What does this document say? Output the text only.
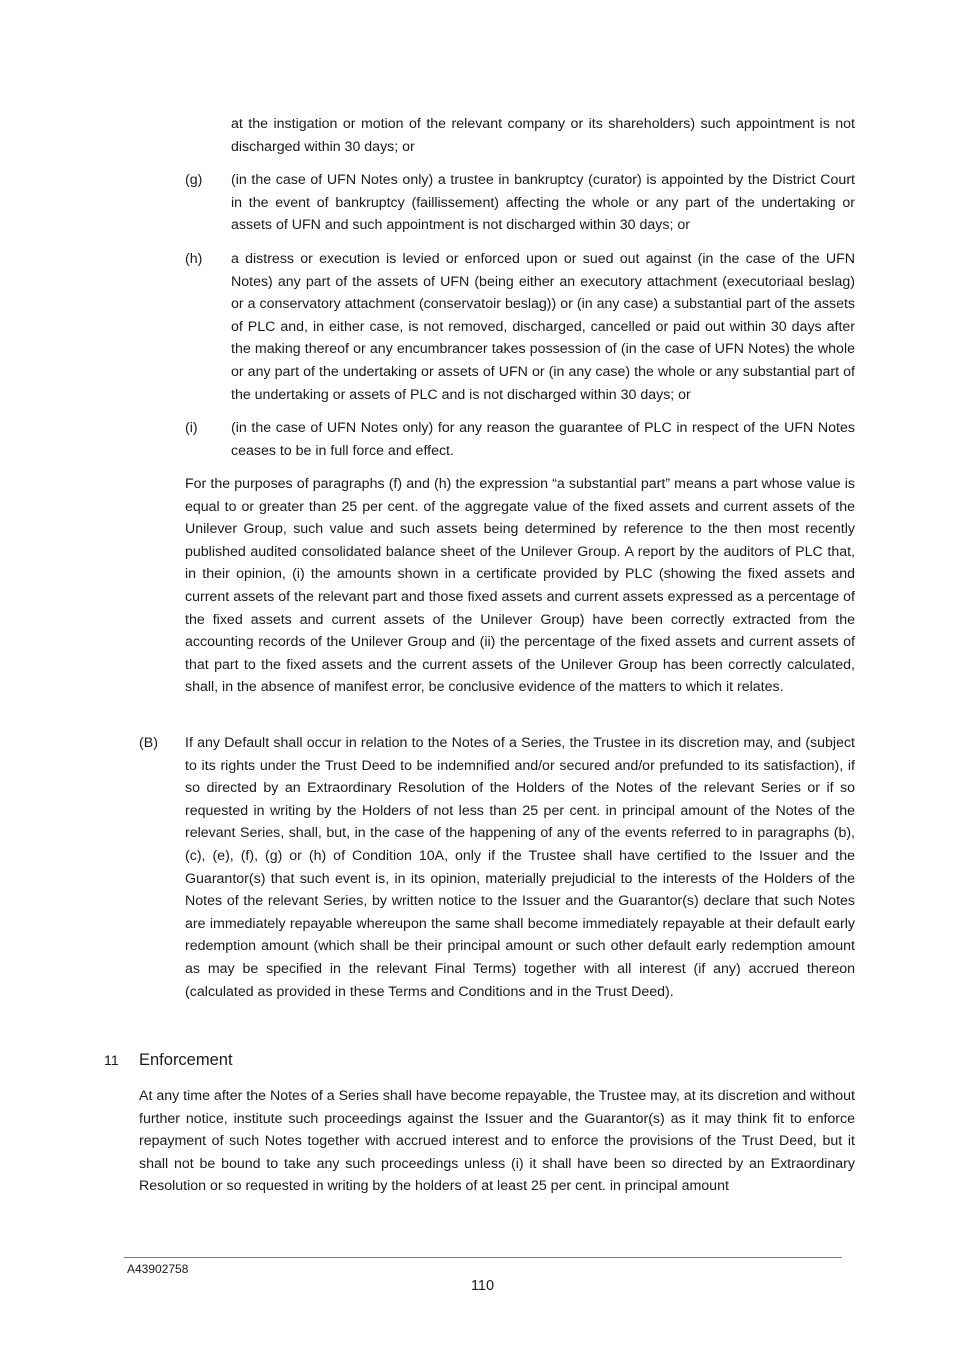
at the instigation or motion of the relevant company or its shareholders) such appointment is not discharged within 30 days; or

(g) (in the case of UFN Notes only) a trustee in bankruptcy (curator) is appointed by the District Court in the event of bankruptcy (faillissement) affecting the whole or any part of the undertaking or assets of UFN and such appointment is not discharged within 30 days; or

(h) a distress or execution is levied or enforced upon or sued out against (in the case of the UFN Notes) any part of the assets of UFN (being either an executory attachment (executoriaal beslag) or a conservatory attachment (conservatoir beslag)) or (in any case) a substantial part of the assets of PLC and, in either case, is not removed, discharged, cancelled or paid out within 30 days after the making thereof or any encumbrancer takes possession of (in the case of UFN Notes) the whole or any part of the undertaking or assets of UFN or (in any case) the whole or any substantial part of the undertaking or assets of PLC and is not discharged within 30 days; or

(i) (in the case of UFN Notes only) for any reason the guarantee of PLC in respect of the UFN Notes ceases to be in full force and effect.

For the purposes of paragraphs (f) and (h) the expression “a substantial part” means a part whose value is equal to or greater than 25 per cent. of the aggregate value of the fixed assets and current assets of the Unilever Group, such value and such assets being determined by reference to the then most recently published audited consolidated balance sheet of the Unilever Group. A report by the auditors of PLC that, in their opinion, (i) the amounts shown in a certificate provided by PLC (showing the fixed assets and current assets of the relevant part and those fixed assets and current assets expressed as a percentage of the fixed assets and current assets of the Unilever Group) have been correctly extracted from the accounting records of the Unilever Group and (ii) the percentage of the fixed assets and current assets of that part to the fixed assets and the current assets of the Unilever Group has been correctly calculated, shall, in the absence of manifest error, be conclusive evidence of the matters to which it relates.

(B) If any Default shall occur in relation to the Notes of a Series, the Trustee in its discretion may, and (subject to its rights under the Trust Deed to be indemnified and/or secured and/or prefunded to its satisfaction), if so directed by an Extraordinary Resolution of the Holders of the Notes of the relevant Series or if so requested in writing by the Holders of not less than 25 per cent. in principal amount of the Notes of the relevant Series, shall, but, in the case of the happening of any of the events referred to in paragraphs (b), (c), (e), (f), (g) or (h) of Condition 10A, only if the Trustee shall have certified to the Issuer and the Guarantor(s) that such event is, in its opinion, materially prejudicial to the interests of the Holders of the Notes of the relevant Series, by written notice to the Issuer and the Guarantor(s) declare that such Notes are immediately repayable whereupon the same shall become immediately repayable at their default early redemption amount (which shall be their principal amount or such other default early redemption amount as may be specified in the relevant Final Terms) together with all interest (if any) accrued thereon (calculated as provided in these Terms and Conditions and in the Trust Deed).

11 Enforcement

At any time after the Notes of a Series shall have become repayable, the Trustee may, at its discretion and without further notice, institute such proceedings against the Issuer and the Guarantor(s) as it may think fit to enforce repayment of such Notes together with accrued interest and to enforce the provisions of the Trust Deed, but it shall not be bound to take any such proceedings unless (i) it shall have been so directed by an Extraordinary Resolution or so requested in writing by the holders of at least 25 per cent. in principal amount

A43902758
110
